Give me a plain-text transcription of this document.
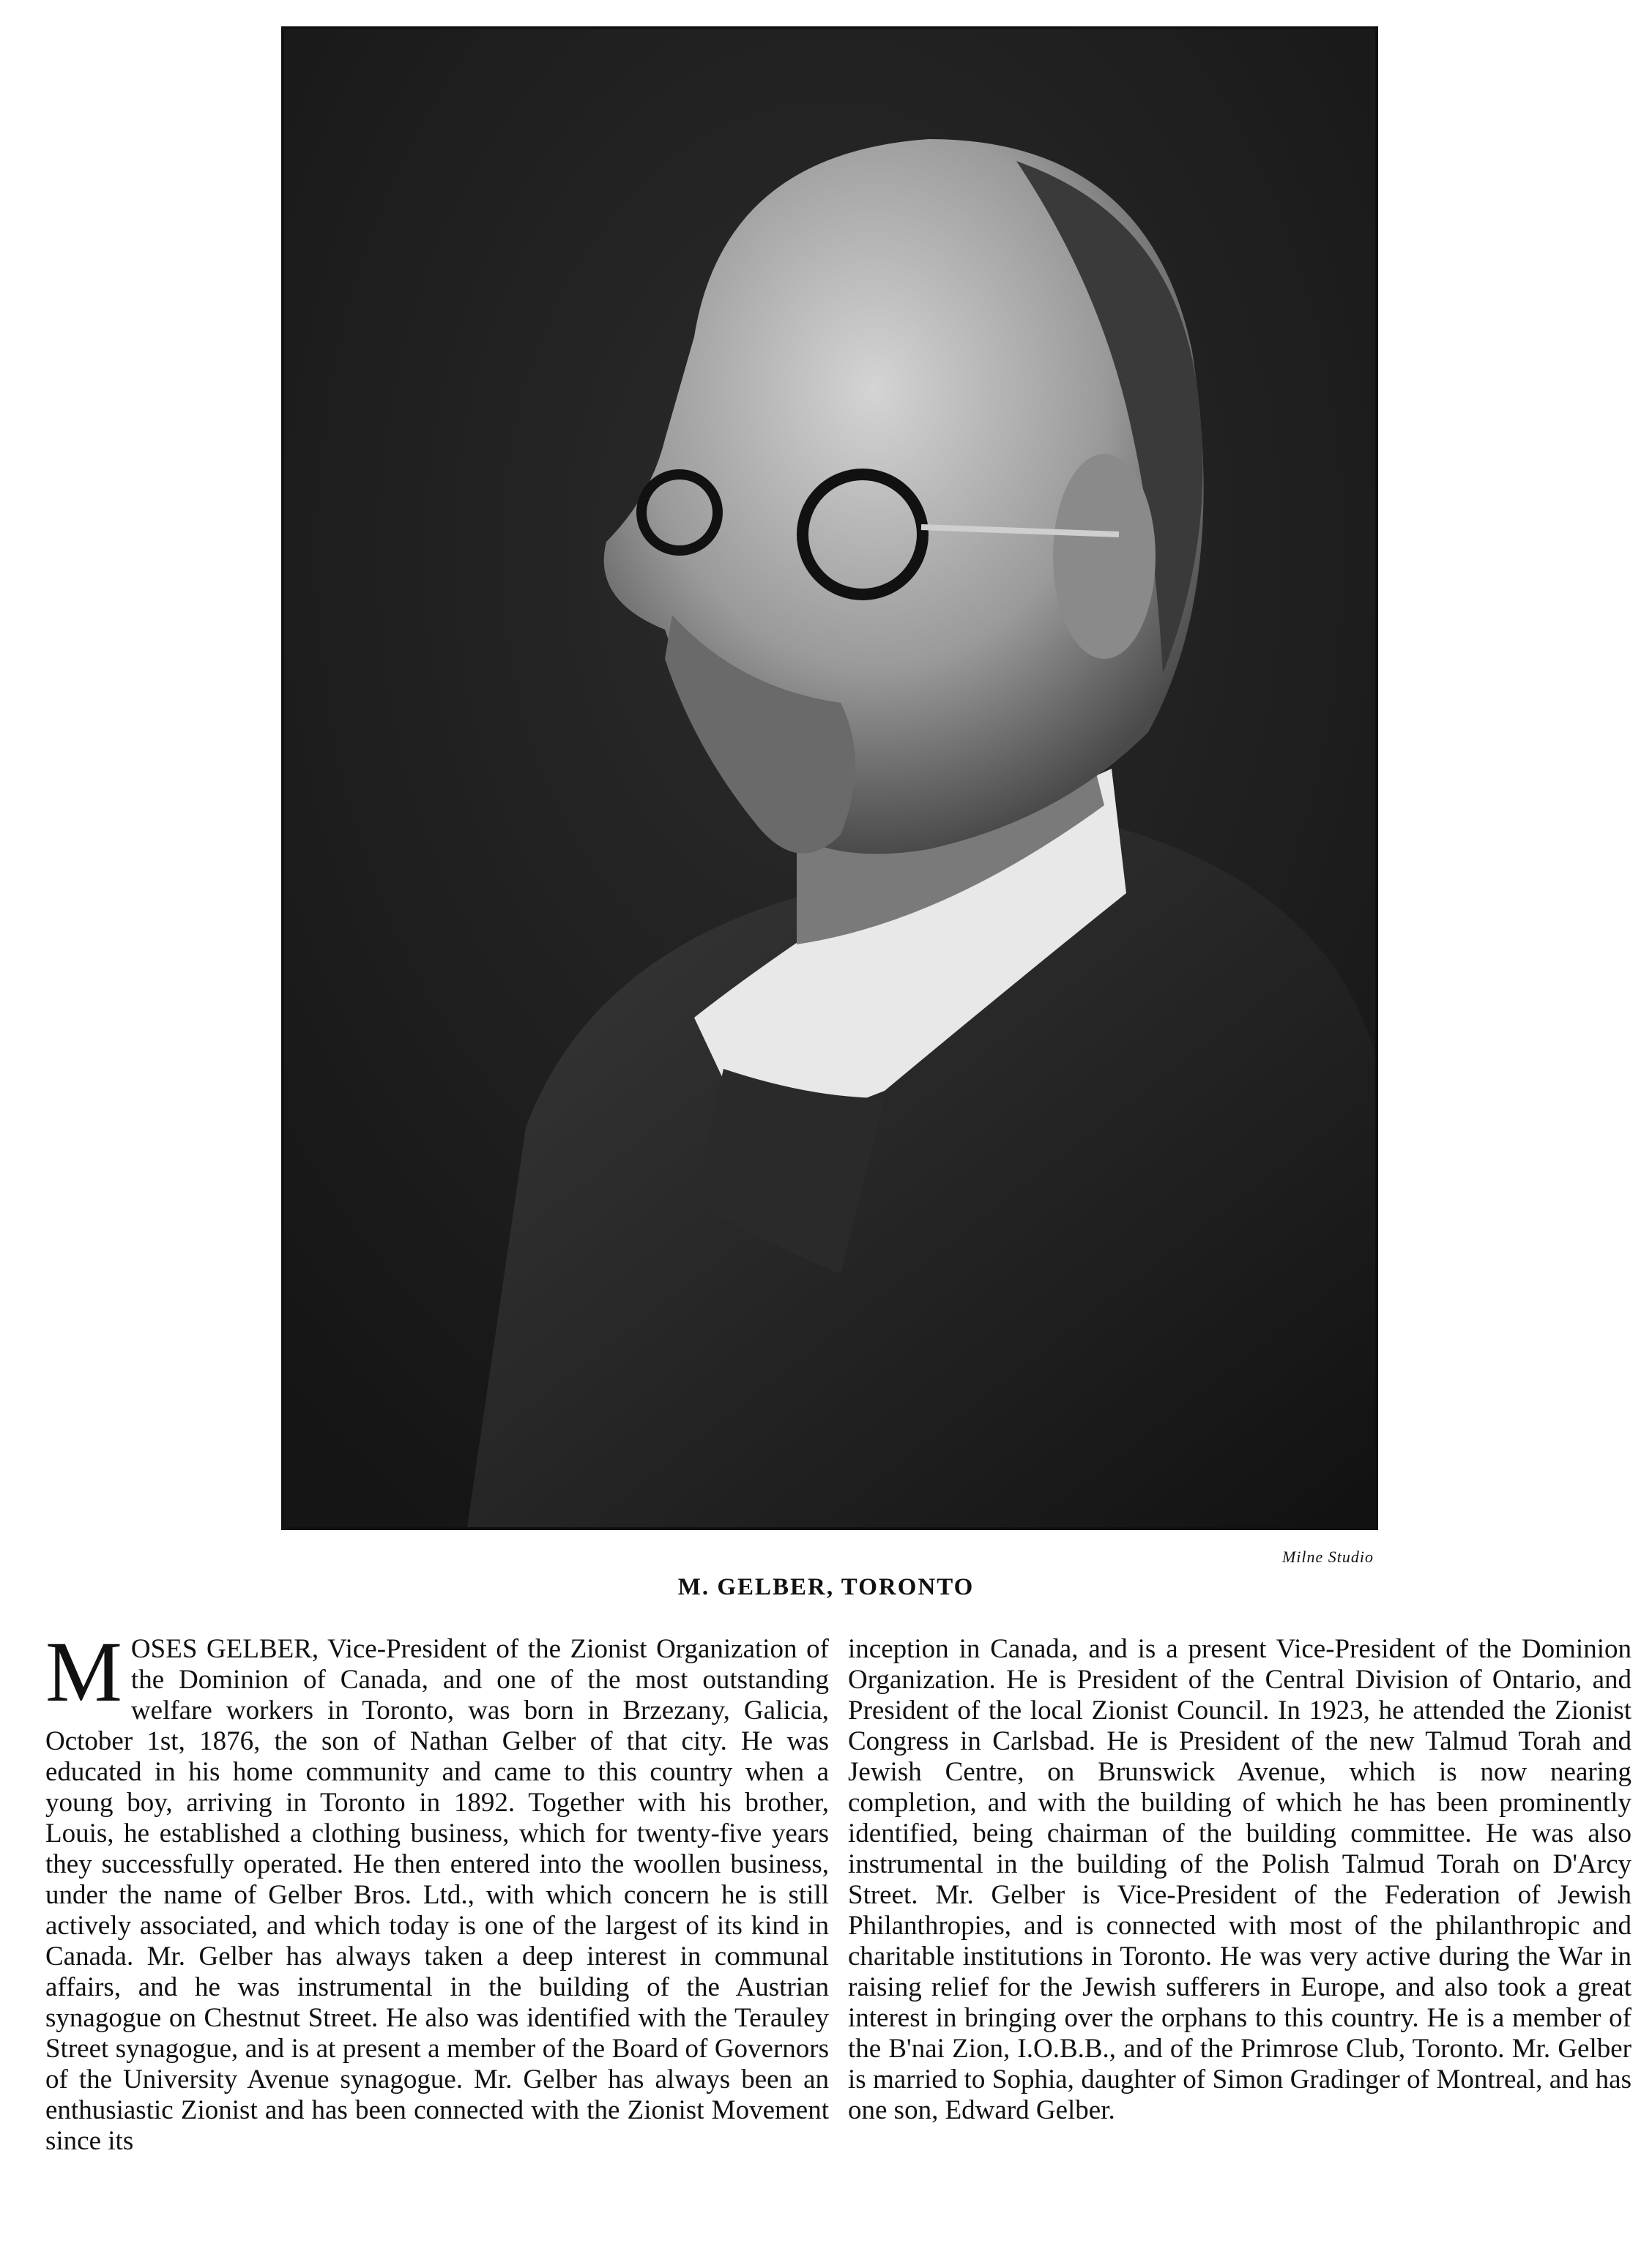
Milne Studio
M. GELBER, TORONTO
MOSES GELBER, Vice-President of the Zionist Organization of the Dominion of Canada, and one of the most outstanding welfare workers in Toronto, was born in Brzezany, Galicia, October 1st, 1876, the son of Nathan Gelber of that city. He was educated in his home community and came to this country when a young boy, arriving in Toronto in 1892. Together with his brother, Louis, he established a clothing business, which for twenty-five years they successfully operated. He then entered into the woollen business, under the name of Gelber Bros. Ltd., with which concern he is still actively associated, and which today is one of the largest of its kind in Canada. Mr. Gelber has always taken a deep interest in communal affairs, and he was instrumental in the building of the Austrian synagogue on Chestnut Street. He also was identified with the Terauley Street synagogue, and is at present a member of the Board of Governors of the University Avenue synagogue. Mr. Gelber has always been an enthusiastic Zionist and has been connected with the Zionist Movement since its
inception in Canada, and is a present Vice-President of the Dominion Organization. He is President of the Central Division of Ontario, and President of the local Zionist Council. In 1923, he attended the Zionist Congress in Carlsbad. He is President of the new Talmud Torah and Jewish Centre, on Brunswick Avenue, which is now nearing completion, and with the building of which he has been prominently identified, being chairman of the building committee. He was also instrumental in the building of the Polish Talmud Torah on D'Arcy Street. Mr. Gelber is Vice-President of the Federation of Jewish Philanthropies, and is connected with most of the philanthropic and charitable institutions in Toronto. He was very active during the War in raising relief for the Jewish sufferers in Europe, and also took a great interest in bringing over the orphans to this country. He is a member of the B'nai Zion, I.O.B.B., and of the Primrose Club, Toronto. Mr. Gelber is married to Sophia, daughter of Simon Gradinger of Montreal, and has one son, Edward Gelber.
